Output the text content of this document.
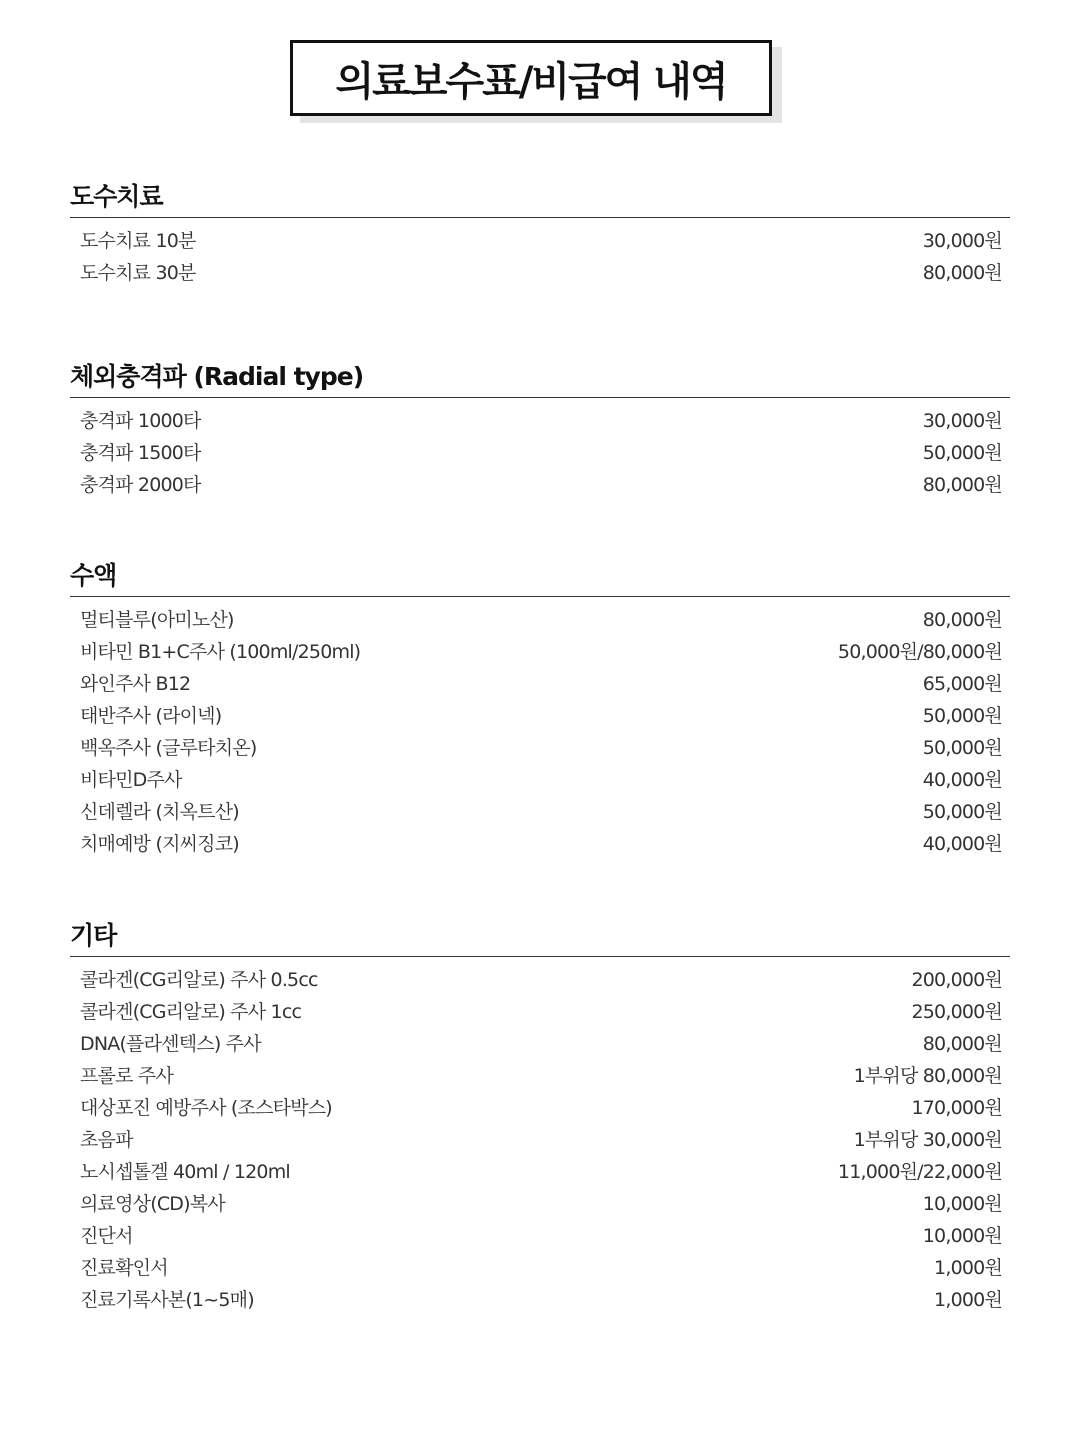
의료보수표/비급여 내역
도수치료
도수치료 10분	30,000원
도수치료 30분	80,000원
체외충격파 (Radial type)
충격파 1000타	30,000원
충격파 1500타	50,000원
충격파 2000타	80,000원
수액
멀티블루(아미노산)	80,000원
비타민 B1+C주사 (100ml/250ml)	50,000원/80,000원
와인주사 B12	65,000원
태반주사 (라이넥)	50,000원
백옥주사 (글루타치온)	50,000원
비타민D주사	40,000원
신데렐라 (치옥트산)	50,000원
치매예방 (지씨징코)	40,000원
기타
콜라겐(CG리알로) 주사 0.5cc	200,000원
콜라겐(CG리알로) 주사 1cc	250,000원
DNA(플라센텍스) 주사	80,000원
프롤로 주사	1부위당 80,000원
대상포진 예방주사 (조스타박스)	170,000원
초음파	1부위당 30,000원
노시셉톨겔 40ml / 120ml	11,000원/22,000원
의료영상(CD)복사	10,000원
진단서	10,000원
진료확인서	1,000원
진료기록사본(1~5매)	1,000원
